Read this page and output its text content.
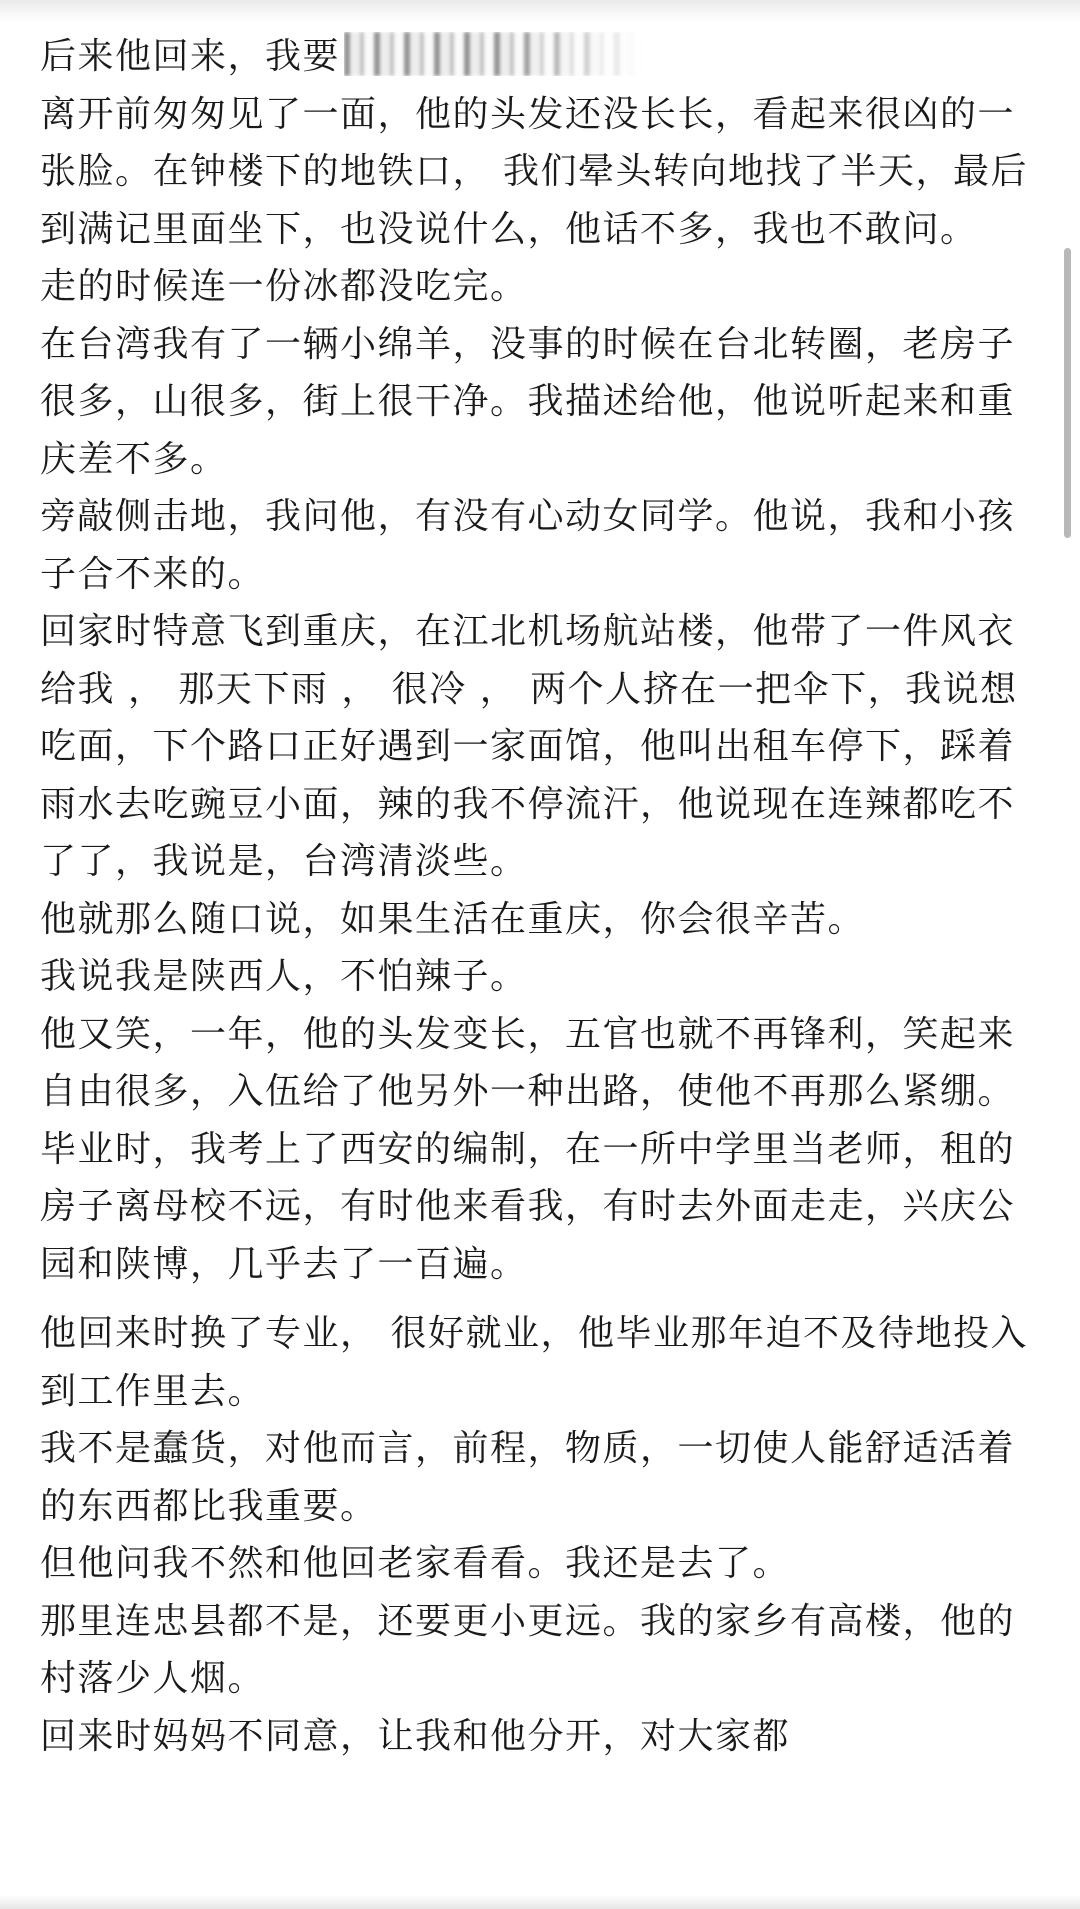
后来他回来，我要

离开前匆匆见了一面，他的头发还没长长，看起来很凶的一张脸。在钟楼下的地铁口， 我们晕头转向地找了半天，最后到满记里面坐下，也没说什么，他话不多，我也不敢问。

走的时候连一份冰都没吃完。

在台湾我有了一辆小绵羊，没事的时候在台北转圈，老房子很多，山很多，街上很干净。我描述给他，他说听起来和重庆差不多。

旁敲侧击地，我问他，有没有心动女同学。他说，我和小孩子合不来的。

回家时特意飞到重庆，在江北机场航站楼，他带了一件风衣给我 ， 那天下雨 ， 很冷 ， 两个人挤在一把伞下，我说想吃面，下个路口正好遇到一家面馆，他叫出租车停下，踩着雨水去吃豌豆小面，辣的我不停流汗，他说现在连辣都吃不了了，我说是，台湾清淡些。

他就那么随口说，如果生活在重庆，你会很辛苦。

我说我是陕西人，不怕辣子。

他又笑，一年，他的头发变长，五官也就不再锋利，笑起来自由很多，入伍给了他另外一种出路，使他不再那么紧绷。

毕业时，我考上了西安的编制，在一所中学里当老师，租的房子离母校不远，有时他来看我，有时去外面走走，兴庆公园和陕博，几乎去了一百遍。

他回来时换了专业， 很好就业，他毕业那年迫不及待地投入到工作里去。

我不是蠢货，对他而言，前程，物质，一切使人能舒适活着的东西都比我重要。

但他问我不然和他回老家看看。我还是去了。

那里连忠县都不是，还要更小更远。我的家乡有高楼，他的村落少人烟。

回来时妈妈不同意，让我和他分开，对大家都
